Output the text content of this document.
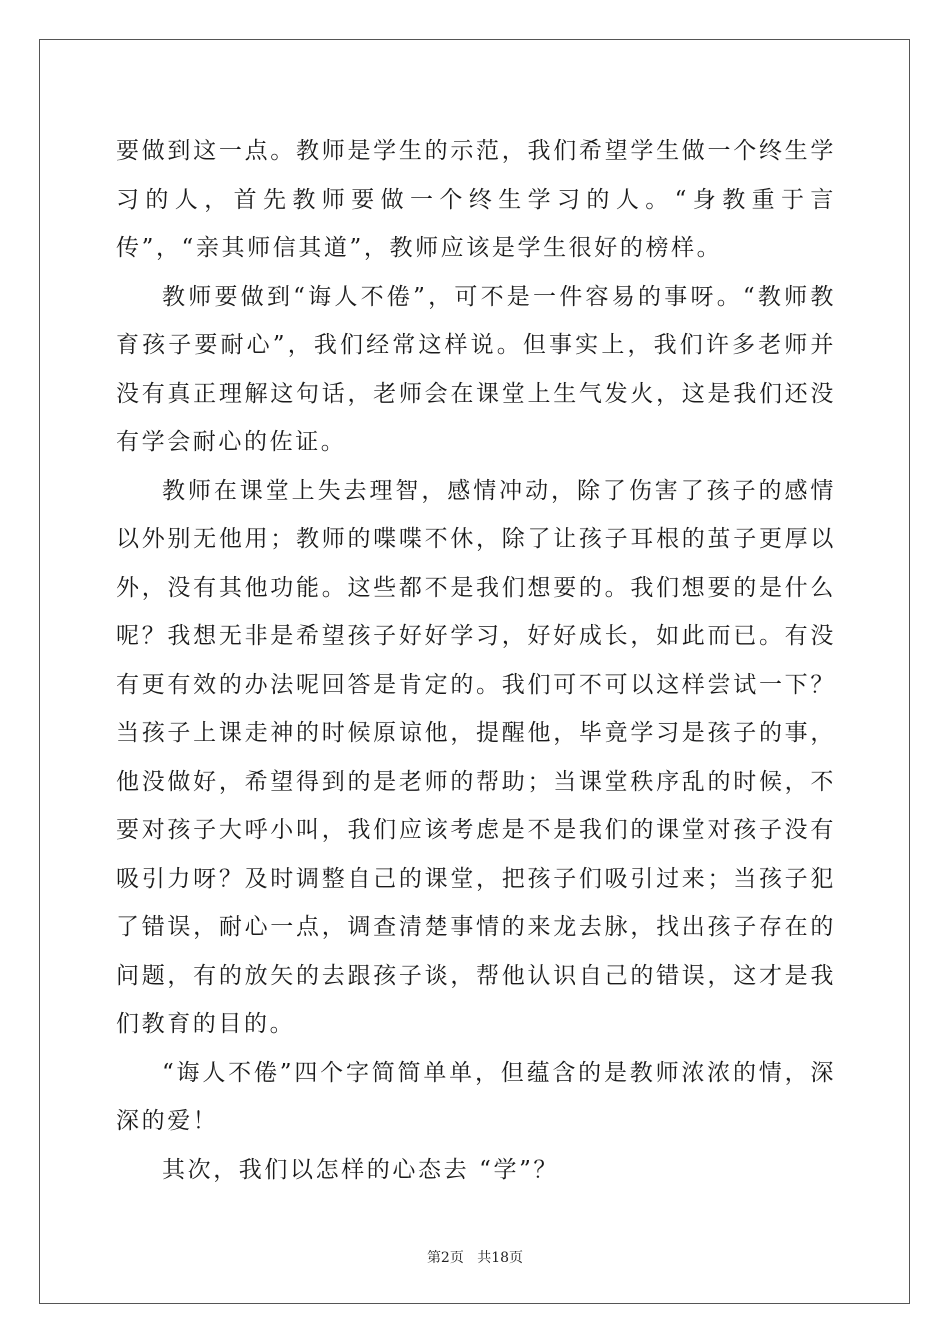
要做到这一点。教师是学生的示范，我们希望学生做一个终生学习的人，首先教师要做一个终生学习的人。“身教重于言传”，“亲其师信其道”，教师应该是学生很好的榜样。

教师要做到“诲人不倦”，可不是一件容易的事呀。“教师教育孩子要耐心”，我们经常这样说。但事实上，我们许多老师并没有真正理解这句话，老师会在课堂上生气发火，这是我们还没有学会耐心的佐证。

教师在课堂上失去理智，感情冲动，除了伤害了孩子的感情以外别无他用；教师的喋喋不休，除了让孩子耳根的茧子更厚以外，没有其他功能。这些都不是我们想要的。我们想要的是什么呢？我想无非是希望孩子好好学习，好好成长，如此而已。有没有更有效的办法呢回答是肯定的。我们可不可以这样尝试一下？当孩子上课走神的时候原谅他，提醒他，毕竟学习是孩子的事，他没做好，希望得到的是老师的帮助；当课堂秩序乱的时候，不要对孩子大呼小叫，我们应该考虑是不是我们的课堂对孩子没有吸引力呀？及时调整自己的课堂，把孩子们吸引过来；当孩子犯了错误，耐心一点，调查清楚事情的来龙去脉，找出孩子存在的问题，有的放矢的去跟孩子谈，帮他认识自己的错误，这才是我们教育的目的。

“诲人不倦”四个字简简单单，但蕴含的是教师浓浓的情，深深的爱！

其次，我们以怎样的心态去 “学”？

第2页 共18页
